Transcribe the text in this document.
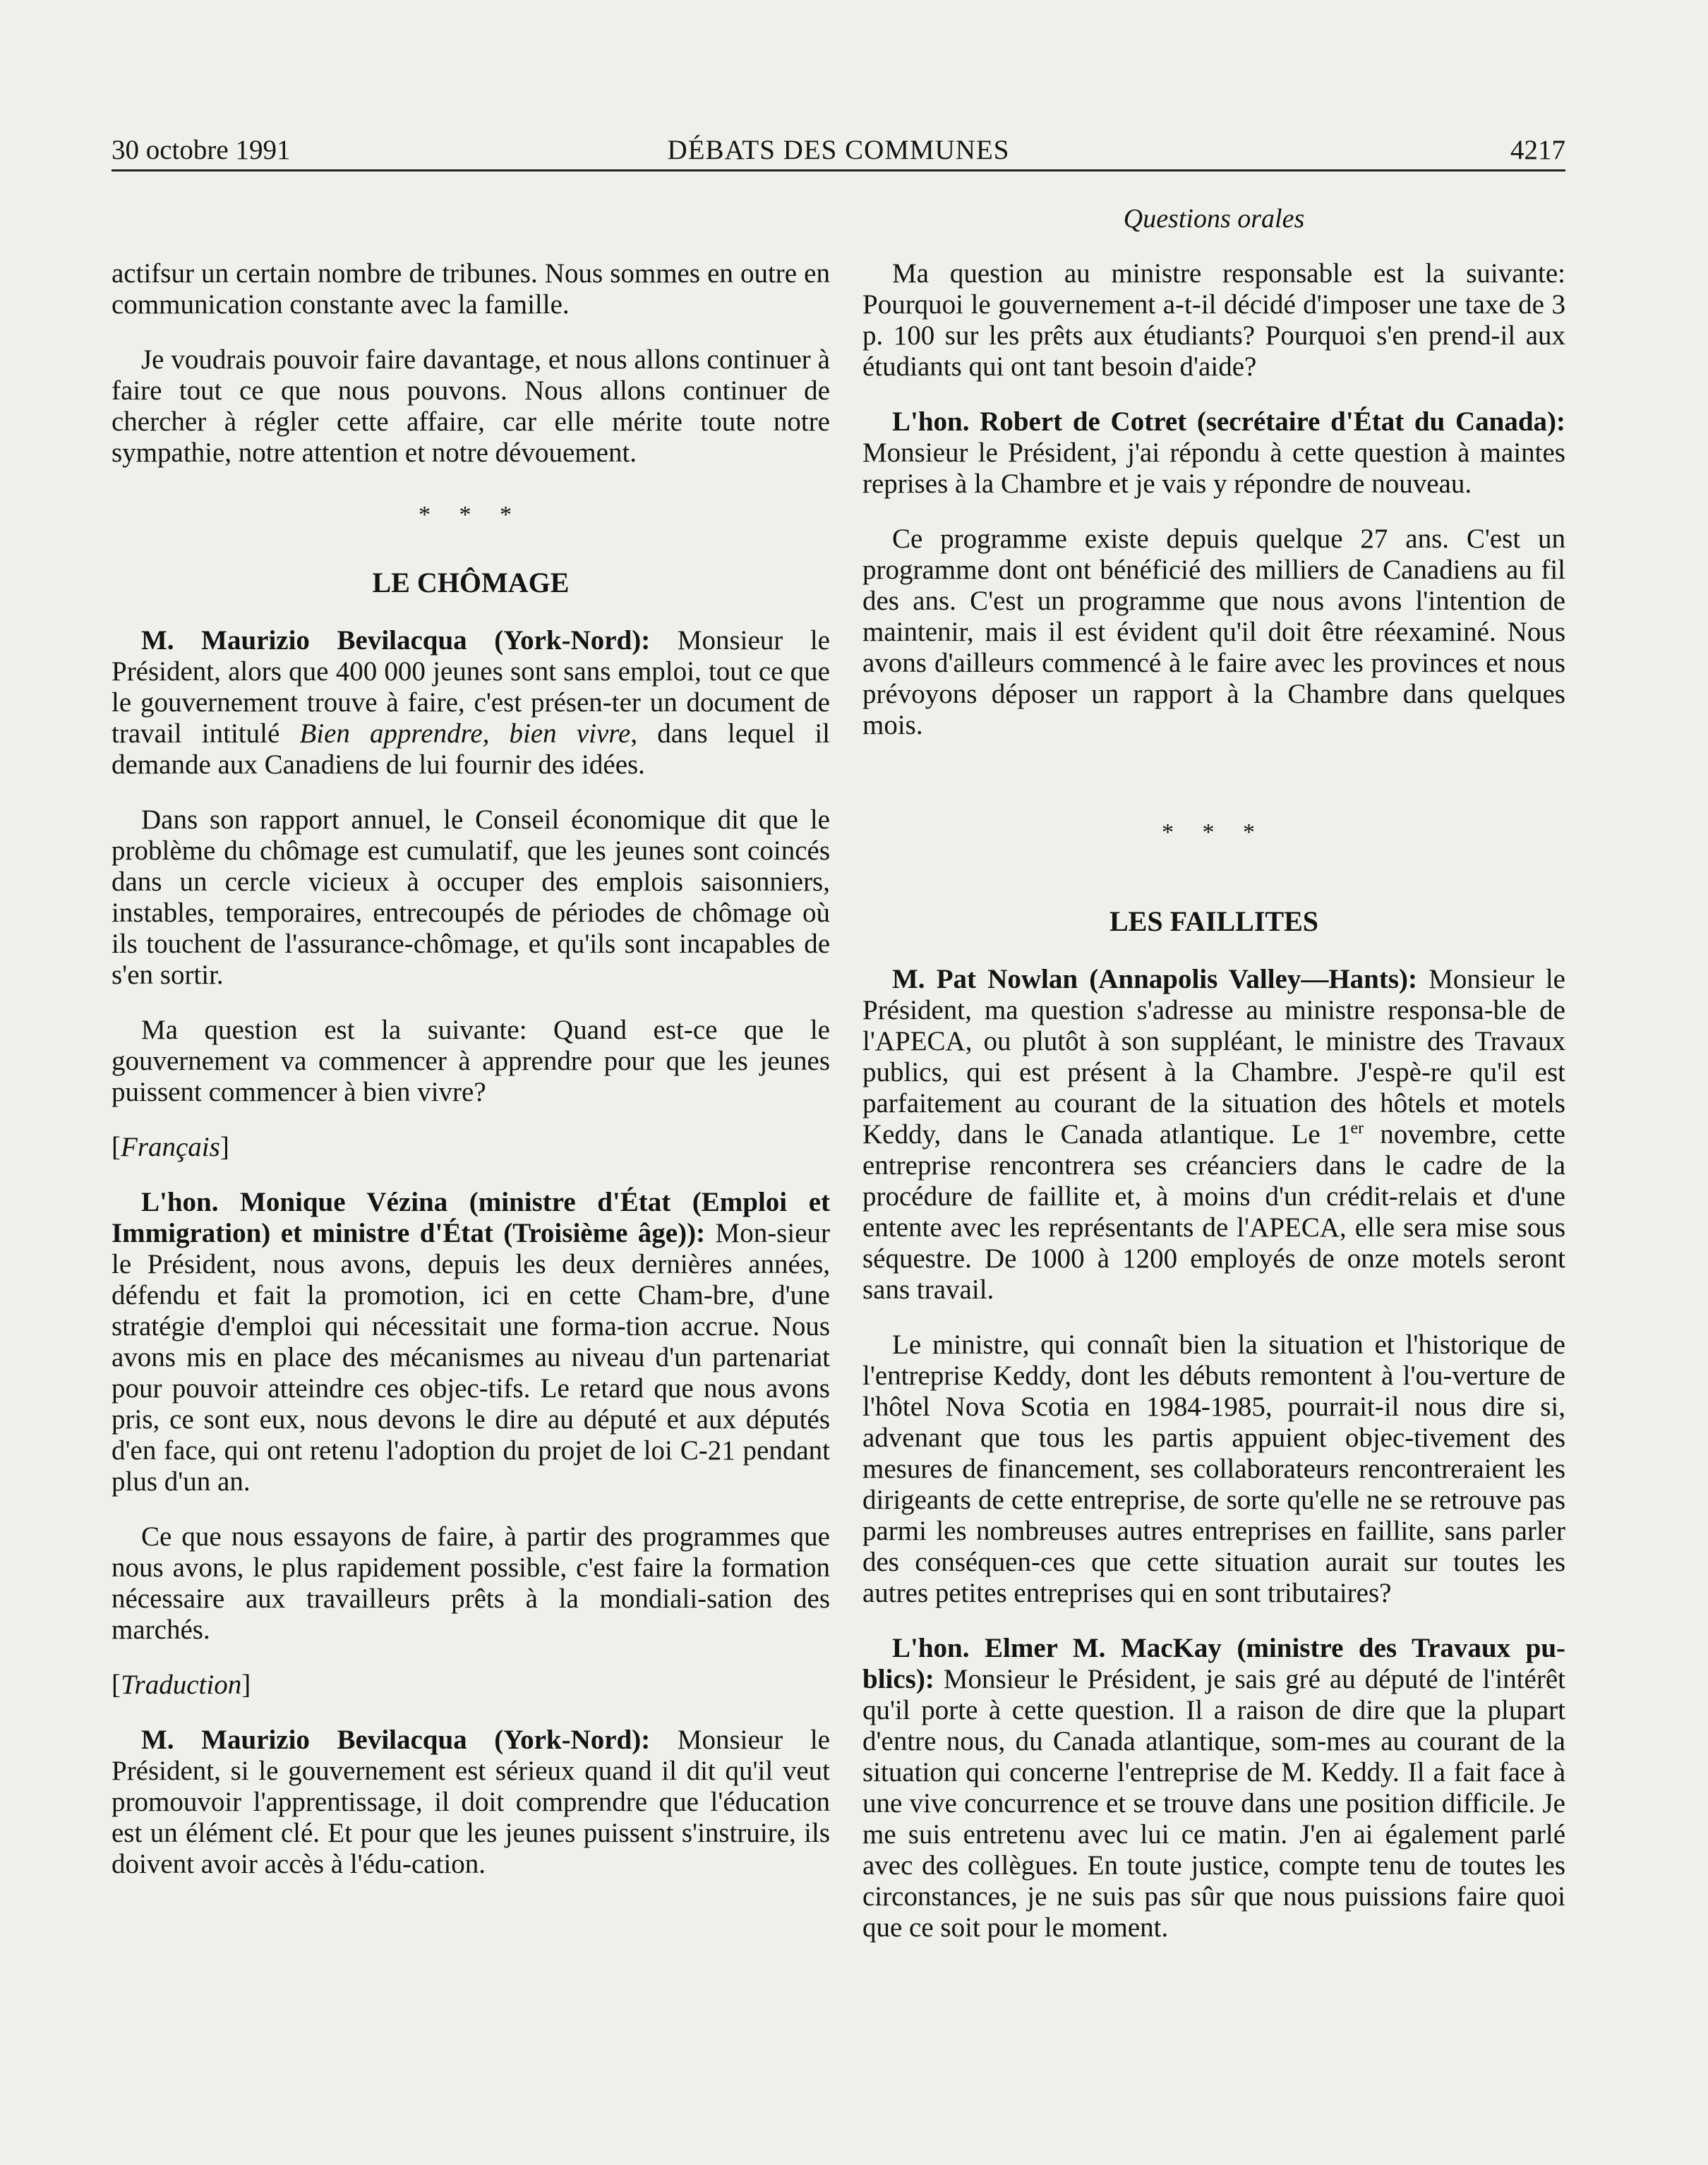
30 octobre 1991	DÉBATS DES COMMUNES	4217
Questions orales

actifsur un certain nombre de tribunes. Nous sommes en outre en communication constante avec la famille.

Je voudrais pouvoir faire davantage, et nous allons continuer à faire tout ce que nous pouvons. Nous allons continuer de chercher à régler cette affaire, car elle mérite toute notre sympathie, notre attention et notre dévouement.

* * *
LE CHÔMAGE

M. Maurizio Bevilacqua (York-Nord): Monsieur le Président, alors que 400 000 jeunes sont sans emploi, tout ce que le gouvernement trouve à faire, c'est présen-ter un document de travail intitulé Bien apprendre, bien vivre, dans lequel il demande aux Canadiens de lui fournir des idées.

Dans son rapport annuel, le Conseil économique dit que le problème du chômage est cumulatif, que les jeunes sont coincés dans un cercle vicieux à occuper des emplois saisonniers, instables, temporaires, entrecoupés de périodes de chômage où ils touchent de l'assurance-chômage, et qu'ils sont incapables de s'en sortir.

Ma question est la suivante: Quand est-ce que le gouvernement va commencer à apprendre pour que les jeunes puissent commencer à bien vivre?

[Français]

L'hon. Monique Vézina (ministre d'État (Emploi et Immigration) et ministre d'État (Troisième âge)): Mon-sieur le Président, nous avons, depuis les deux dernières années, défendu et fait la promotion, ici en cette Cham-bre, d'une stratégie d'emploi qui nécessitait une forma-tion accrue. Nous avons mis en place des mécanismes au niveau d'un partenariat pour pouvoir atteindre ces objec-tifs. Le retard que nous avons pris, ce sont eux, nous devons le dire au député et aux députés d'en face, qui ont retenu l'adoption du projet de loi C-21 pendant plus d'un an.

Ce que nous essayons de faire, à partir des programmes que nous avons, le plus rapidement possible, c'est faire la formation nécessaire aux travailleurs prêts à la mondiali-sation des marchés.

[Traduction]

M. Maurizio Bevilacqua (York-Nord): Monsieur le Président, si le gouvernement est sérieux quand il dit qu'il veut promouvoir l'apprentissage, il doit comprendre que l'éducation est un élément clé. Et pour que les jeunes puissent s'instruire, ils doivent avoir accès à l'édu-cation.

Ma question au ministre responsable est la suivante: Pourquoi le gouvernement a-t-il décidé d'imposer une taxe de 3 p. 100 sur les prêts aux étudiants? Pourquoi s'en prend-il aux étudiants qui ont tant besoin d'aide?

L'hon. Robert de Cotret (secrétaire d'État du Canada): Monsieur le Président, j'ai répondu à cette question à maintes reprises à la Chambre et je vais y répondre de nouveau.

Ce programme existe depuis quelque 27 ans. C'est un programme dont ont bénéficié des milliers de Canadiens au fil des ans. C'est un programme que nous avons l'intention de maintenir, mais il est évident qu'il doit être réexaminé. Nous avons d'ailleurs commencé à le faire avec les provinces et nous prévoyons déposer un rapport à la Chambre dans quelques mois.

* * *
LES FAILLITES

M. Pat Nowlan (Annapolis Valley—Hants): Monsieur le Président, ma question s'adresse au ministre responsa-ble de l'APECA, ou plutôt à son suppléant, le ministre des Travaux publics, qui est présent à la Chambre. J'espè-re qu'il est parfaitement au courant de la situation des hôtels et motels Keddy, dans le Canada atlantique. Le 1er novembre, cette entreprise rencontrera ses créanciers dans le cadre de la procédure de faillite et, à moins d'un crédit-relais et d'une entente avec les représentants de l'APECA, elle sera mise sous séquestre. De 1000 à 1200 employés de onze motels seront sans travail.

Le ministre, qui connaît bien la situation et l'historique de l'entreprise Keddy, dont les débuts remontent à l'ou-verture de l'hôtel Nova Scotia en 1984-1985, pourrait-il nous dire si, advenant que tous les partis appuient objec-tivement des mesures de financement, ses collaborateurs rencontreraient les dirigeants de cette entreprise, de sorte qu'elle ne se retrouve pas parmi les nombreuses autres entreprises en faillite, sans parler des conséquen-ces que cette situation aurait sur toutes les autres petites entreprises qui en sont tributaires?

L'hon. Elmer M. MacKay (ministre des Travaux pu-blics): Monsieur le Président, je sais gré au député de l'intérêt qu'il porte à cette question. Il a raison de dire que la plupart d'entre nous, du Canada atlantique, som-mes au courant de la situation qui concerne l'entreprise de M. Keddy. Il a fait face à une vive concurrence et se trouve dans une position difficile. Je me suis entretenu avec lui ce matin. J'en ai également parlé avec des collègues. En toute justice, compte tenu de toutes les circonstances, je ne suis pas sûr que nous puissions faire quoi que ce soit pour le moment.
